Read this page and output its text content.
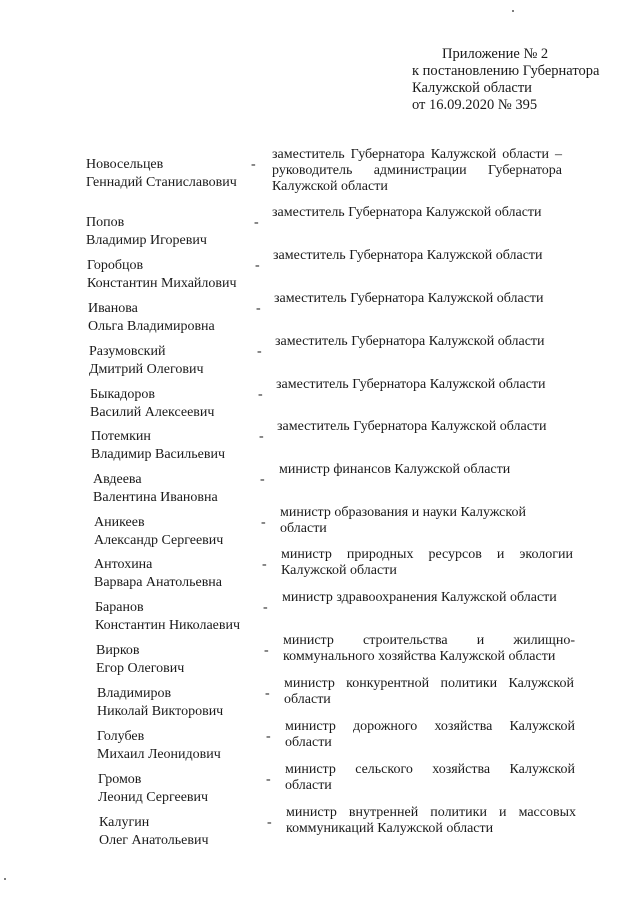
Приложение № 2
к постановлению Губернатора
Калужской области
от 16.09.2020 № 395
Новосельцев
Геннадий Станиславович
-
заместитель Губернатора Калужской области – руководитель администрации Губернатора Калужской области
Попов
Владимир Игоревич
-
заместитель Губернатора Калужской области
Горобцов
Константин Михайлович
-
заместитель Губернатора Калужской области
Иванова
Ольга Владимировна
-
заместитель Губернатора Калужской области
Разумовский
Дмитрий Олегович
-
заместитель Губернатора Калужской области
Быкадоров
Василий Алексеевич
-
заместитель Губернатора Калужской области
Потемкин
Владимир Васильевич
-
заместитель Губернатора Калужской области
Авдеева
Валентина Ивановна
-
министр финансов Калужской области
Аникеев
Александр Сергеевич
-
министр образования и науки Калужской области
Антохина
Варвара Анатольевна
-
министр природных ресурсов и экологии Калужской области
Баранов
Константин Николаевич
-
министр здравоохранения Калужской области
Вирков
Егор Олегович
-
министр строительства и жилищно-коммунального хозяйства Калужской области
Владимиров
Николай Викторович
-
министр конкурентной политики Калужской области
Голубев
Михаил Леонидович
-
министр дорожного хозяйства Калужской области
Громов
Леонид Сергеевич
-
министр сельского хозяйства Калужской области
Калугин
Олег Анатольевич
-
министр внутренней политики и массовых коммуникаций Калужской области
